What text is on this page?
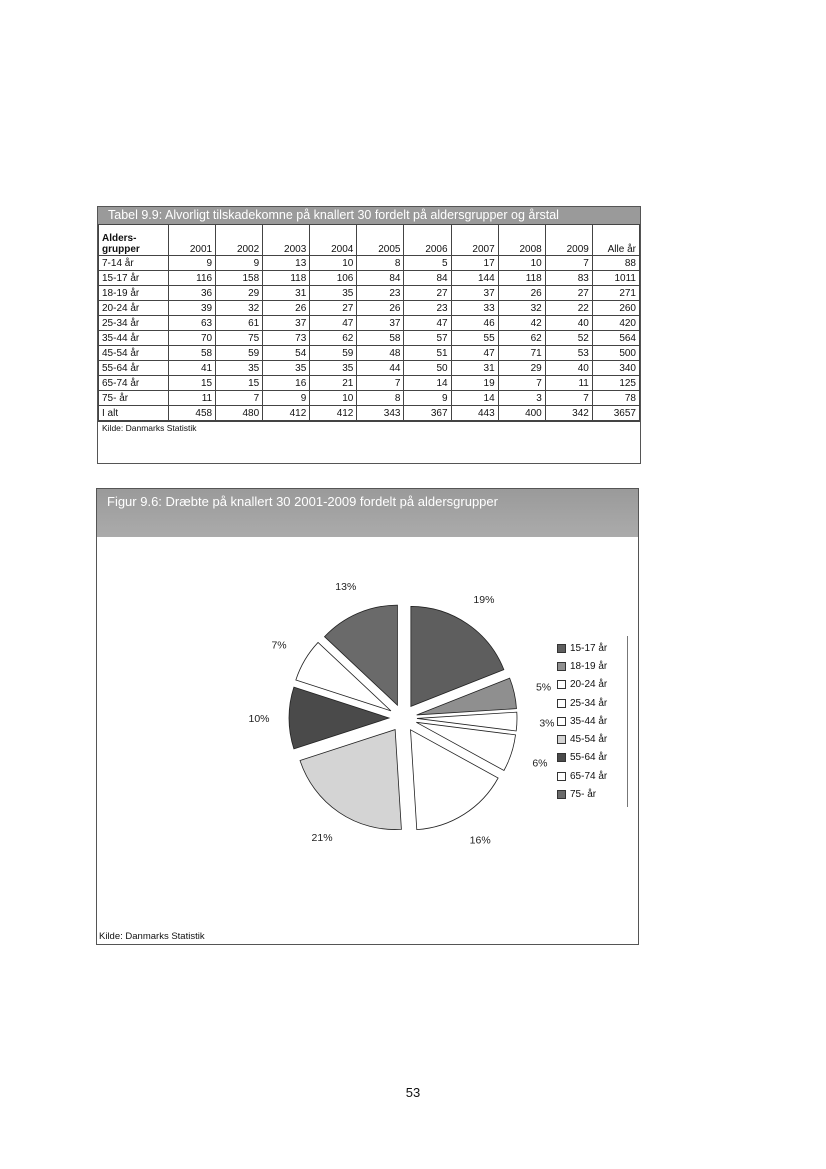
Tabel 9.9: Alvorligt tilskadekomne på knallert 30 fordelt på aldersgrupper og årstal
Alders-
grupper	2001	2002	2003	2004	2005	2006	2007	2008	2009	Alle år
7-14 år	9	9	13	10	8	5	17	10	7	88
15-17 år	116	158	118	106	84	84	144	118	83	1011
18-19 år	36	29	31	35	23	27	37	26	27	271
20-24 år	39	32	26	27	26	23	33	32	22	260
25-34 år	63	61	37	47	37	47	46	42	40	420
35-44 år	70	75	73	62	58	57	55	62	52	564
45-54 år	58	59	54	59	48	51	47	71	53	500
55-64 år	41	35	35	35	44	50	31	29	40	340
65-74 år	15	15	16	21	7	14	19	7	11	125
75- år	11	7	9	10	8	9	14	3	7	78
I alt	458	480	412	412	343	367	443	400	342	3657
Kilde: Danmarks Statistik
Figur 9.6: Dræbte på knallert 30 2001-2009 fordelt på aldersgrupper
19%
5%
3%
6%
16%
21%
10%
7%
13%
15-17 år
18-19 år
20-24 år
25-34 år
35-44 år
45-54 år
55-64 år
65-74 år
75- år
Kilde: Danmarks Statistik
53
